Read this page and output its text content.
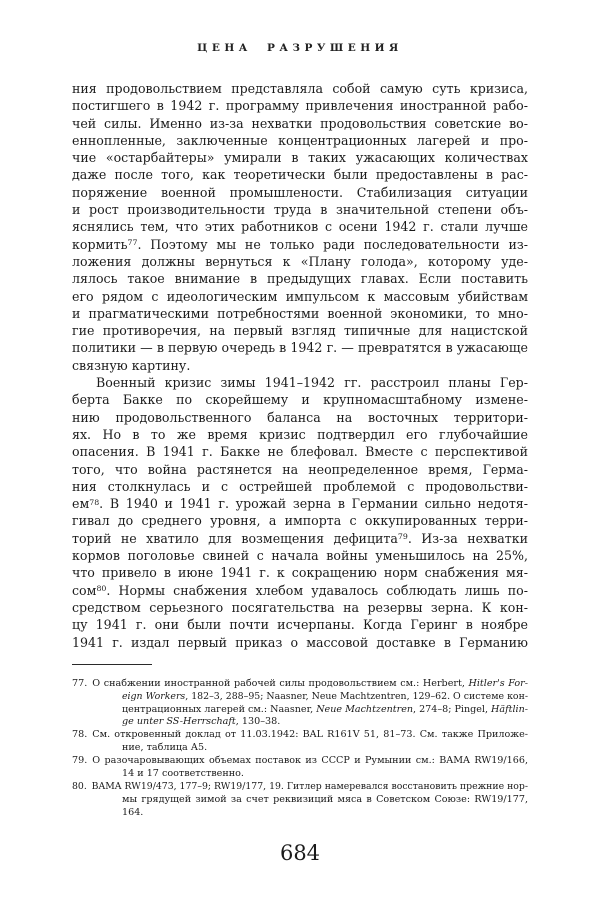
ЦЕНА РАЗРУШЕНИЯ
ния продовольствием представляла собой самую суть кризиса,
постигшего в 1942 г. программу привлечения иностранной рабо-
чей силы. Именно из-за нехватки продовольствия советские во-
еннопленные, заключенные концентрационных лагерей и про-
чие «остарбайтеры» умирали в таких ужасающих количествах
даже после того, как теоретически были предоставлены в рас-
поряжение военной промышлености. Стабилизация ситуации
и рост производительности труда в значительной степени объ-
яснялись тем, что этих работников с осени 1942 г. стали лучше
кормить$^{77}$. Поэтому мы не только ради последовательности из-
ложения должны вернуться к «Плану голода», которому уде-
лялось такое внимание в предыдущих главах. Если поставить
его рядом с идеологическим импульсом к массовым убийствам
и прагматическими потребностями военной экономики, то мно-
гие противоречия, на первый взгляд типичные для нацистской
политики — в первую очередь в 1942 г. — превратятся в ужасающе
связную картину.
Военный кризис зимы 1941–1942 гг. расстроил планы Гер-
берта Бакке по скорейшему и крупномасштабному измене-
нию продовольственного баланса на восточных территори-
ях. Но в то же время кризис подтвердил его глубочайшие
опасения. В 1941 г. Бакке не блефовал. Вместе с перспективой
того, что война растянется на неопределенное время, Герма-
ния столкнулась и с острейшей проблемой с продовольстви-
$ем^{78}$. В 1940 и 1941 г. урожай зерна в Германии сильно недотя-
гивал до среднего уровня, а импорта с оккупированных терри-
торий не хватило для возмещения дефицита$^{79}$. Из-за нехватки
кормов поголовье свиней с начала войны уменьшилось на 25%,
что привело в июне 1941 г. к сокращению норм снабжения мя-
сом$^{80}$. Нормы снабжения хлебом удавалось соблюдать лишь по-
средством серьезного посягательства на резервы зерна. К кон-
цу 1941 г. они были почти исчерпаны. Когда Геринг в ноябре
1941 г. издал первый приказ о массовой доставке в Германию
77. О снабжении иностранной рабочей силы продовольствием см.: Herbert, Hitler's For-
eign Workers, 182–3, 288–95; Naasner, Neue Machtzentren, 129–62. О системе кон-
центрационных лагерей см.: Naasner, Neue Machtzentren, 274–8; Pingel, Häftlin-
ge unter SS-Herrschaft, 130–38.
78. См. откровенный доклад от 11.03.1942: BAL R161V 51, 81–73. См. также Приложе-
ние, таблица А5.
79. О разочаровывающих объемах поставок из СССР и Румынии см.: BAMA RW19/166,
14 и 17 соответственно.
80. BAMA RW19/473, 177–9; RW19/177, 19. Гитлер намеревался восстановить прежние нор-
мы грядущей зимой за счет реквизиций мяса в Советском Союзе: RW19/177,
164.
684
